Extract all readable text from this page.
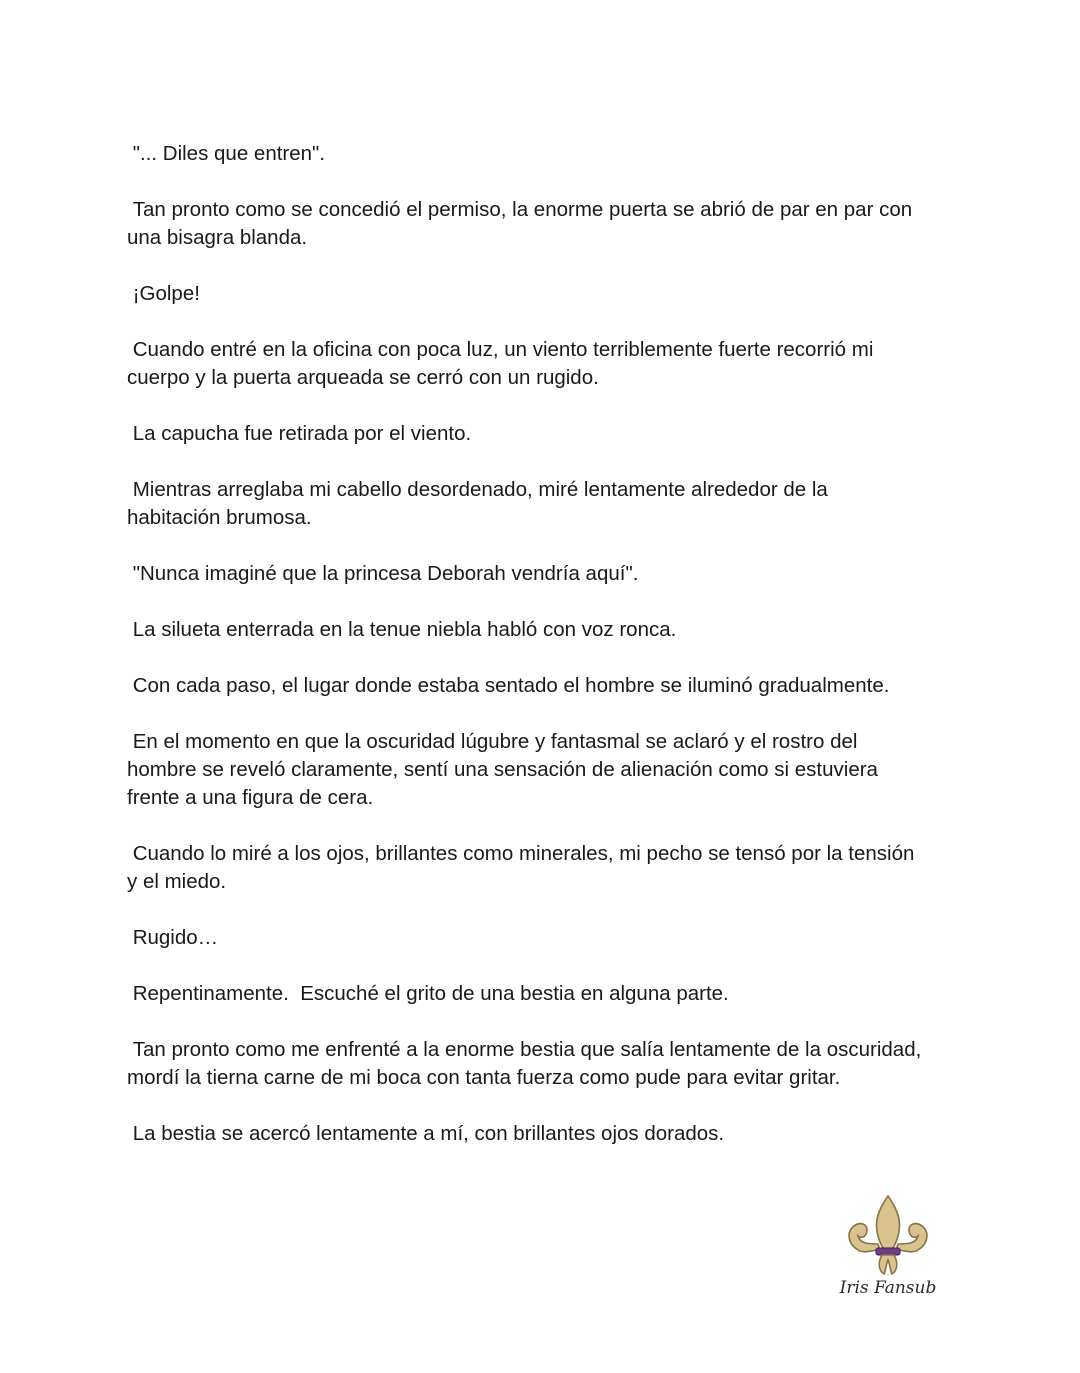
"... Diles que entren".

Tan pronto como se concedió el permiso, la enorme puerta se abrió de par en par con
una bisagra blanda.

¡Golpe!

Cuando entré en la oficina con poca luz, un viento terriblemente fuerte recorrió mi
cuerpo y la puerta arqueada se cerró con un rugido.

La capucha fue retirada por el viento.

Mientras arreglaba mi cabello desordenado, miré lentamente alrededor de la
habitación brumosa.

"Nunca imaginé que la princesa Deborah vendría aquí".

La silueta enterrada en la tenue niebla habló con voz ronca.

Con cada paso, el lugar donde estaba sentado el hombre se iluminó gradualmente.

En el momento en que la oscuridad lúgubre y fantasmal se aclaró y el rostro del
hombre se reveló claramente, sentí una sensación de alienación como si estuviera
frente a una figura de cera.

Cuando lo miré a los ojos, brillantes como minerales, mi pecho se tensó por la tensión
y el miedo.

Rugido…

Repentinamente.  Escuché el grito de una bestia en alguna parte.

Tan pronto como me enfrenté a la enorme bestia que salía lentamente de la oscuridad,
mordí la tierna carne de mi boca con tanta fuerza como pude para evitar gritar.

La bestia se acercó lentamente a mí, con brillantes ojos dorados.

Iris Fansub
